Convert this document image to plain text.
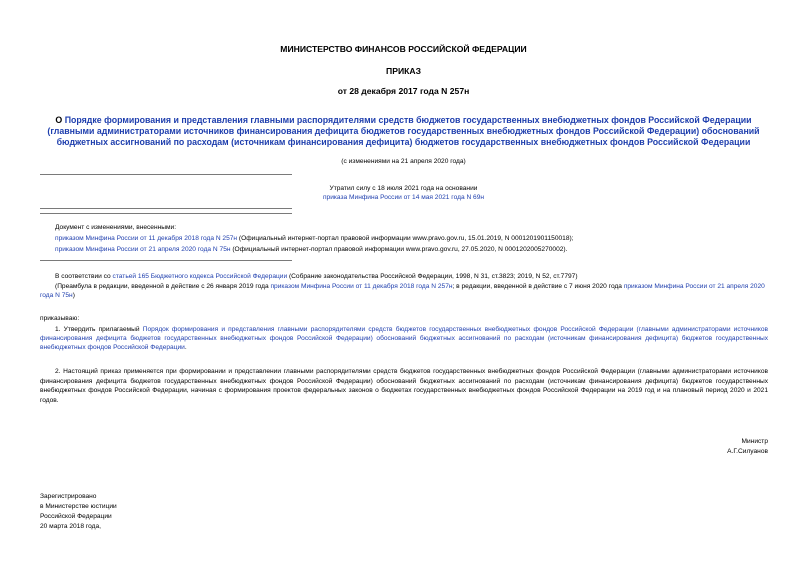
МИНИСТЕРСТВО ФИНАНСОВ РОССИЙСКОЙ ФЕДЕРАЦИИ
ПРИКАЗ
от 28 декабря 2017 года N 257н
О Порядке формирования и представления главными распорядителями средств бюджетов государственных внебюджетных фондов Российской Федерации (главными администраторами источников финансирования дефицита бюджетов государственных внебюджетных фондов Российской Федерации) обоснований бюджетных ассигнований по расходам (источникам финансирования дефицита) бюджетов государственных внебюджетных фондов Российской Федерации
(с изменениями на 21 апреля 2020 года)
Утратил силу с 18 июля 2021 года на основании
приказа Минфина России от 14 мая 2021 года N 69н
Документ с изменениями, внесенными:
приказом Минфина России от 11 декабря 2018 года N 257н (Официальный интернет-портал правовой информации www.pravo.gov.ru, 15.01.2019, N 0001201901150018);
приказом Минфина России от 21 апреля 2020 года N 75н (Официальный интернет-портал правовой информации www.pravo.gov.ru, 27.05.2020, N 0001202005270002).
В соответствии со статьей 165 Бюджетного кодекса Российской Федерации (Собрание законодательства Российской Федерации, 1998, N 31, ст.3823; 2019, N 52, ст.7797)
(Преамбула в редакции, введенной в действие с 26 января 2019 года приказом Минфина России от 11 декабря 2018 года N 257н; в редакции, введенной в действие с 7 июня 2020 года приказом Минфина России от 21 апреля 2020 года N 75н)
приказываю:
1. Утвердить прилагаемый Порядок формирования и представления главными распорядителями средств бюджетов государственных внебюджетных фондов Российской Федерации (главными администраторами источников финансирования дефицита бюджетов государственных внебюджетных фондов Российской Федерации) обоснований бюджетных ассигнований по расходам (источникам финансирования дефицита) бюджетов государственных внебюджетных фондов Российской Федерации.
2. Настоящий приказ применяется при формировании и представлении главными распорядителями средств бюджетов государственных внебюджетных фондов Российской Федерации (главными администраторами источников финансирования дефицита бюджетов государственных внебюджетных фондов Российской Федерации) обоснований бюджетных ассигнований по расходам (источникам финансирования дефицита) бюджетов государственных внебюджетных фондов Российской Федерации, начиная с формирования проектов федеральных законов о бюджетах государственных внебюджетных фондов Российской Федерации на 2019 год и на плановый период 2020 и 2021 годов.
Министр
А.Г.Силуанов
Зарегистрировано
в Министерстве юстиции
Российской Федерации
20 марта 2018 года,
